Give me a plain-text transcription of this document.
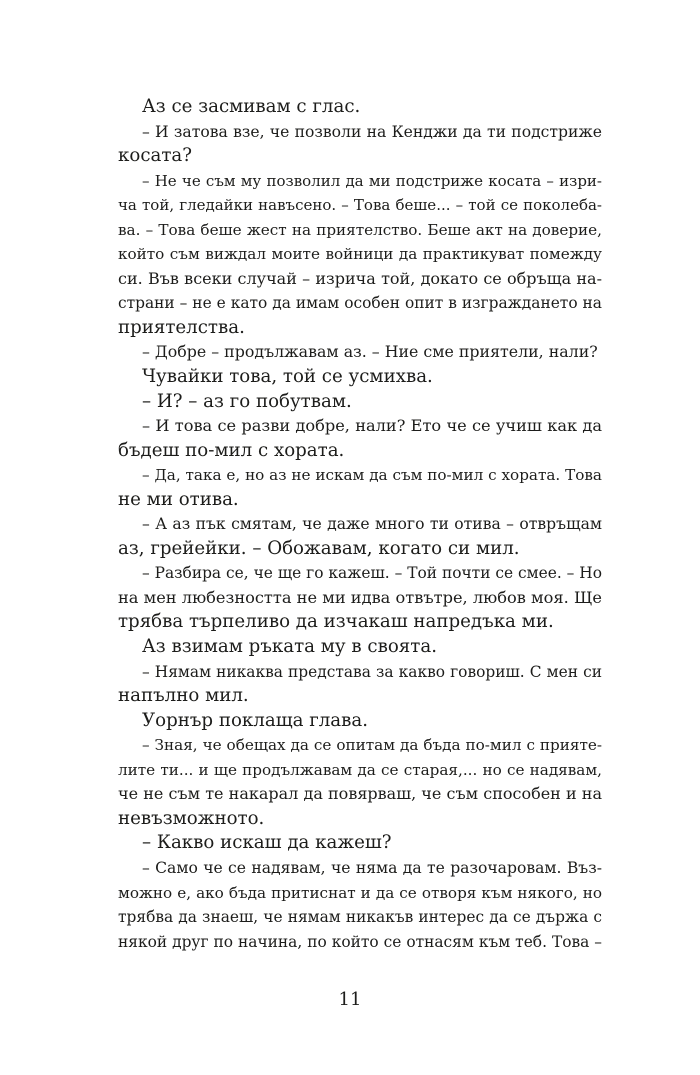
Аз се засмивам с глас.
– И затова взе, че позволи на Кенджи да ти подстриже
косата?
– Не че съм му позволил да ми подстриже косата – изри-
ча той, гледайки навъсено. – Това беше... – той се поколеба-
ва. – Това беше жест на приятелство. Беше акт на доверие,
който съм виждал моите войници да практикуват помежду
си. Във всеки случай – изрича той, докато се обръща на-
страни – не е като да имам особен опит в изграждането на
приятелства.
– Добре – продължавам аз. – Ние сме приятели, нали?
Чувайки това, той се усмихва.
– И? – аз го побутвам.
– И това се разви добре, нали? Ето че се учиш как да
бъдеш по-мил с хората.
– Да, така е, но аз не искам да съм по-мил с хората. Това
не ми отива.
– А аз пък смятам, че даже много ти отива – отвръщам
аз, грейейки. – Обожавам, когато си мил.
– Разбира се, че ще го кажеш. – Той почти се смее. – Но
на мен любезността не ми идва отвътре, любов моя. Ще
трябва търпеливо да изчакаш напредъка ми.
Аз взимам ръката му в своята.
– Нямам никаква представа за какво говориш. С мен си
напълно мил.
Уорнър поклаща глава.
– Зная, че обещах да се опитам да бъда по-мил с прияте-
лите ти... и ще продължавам да се старая,... но се надявам,
че не съм те накарал да повярваш, че съм способен и на
невъзможното.
– Какво искаш да кажеш?
– Само че се надявам, че няма да те разочаровам. Въз-
можно е, ако бъда притиснат и да се отворя към някого, но
трябва да знаеш, че нямам никакъв интерес да се държа с
някой друг по начина, по който се отнасям към теб. Това –
11
